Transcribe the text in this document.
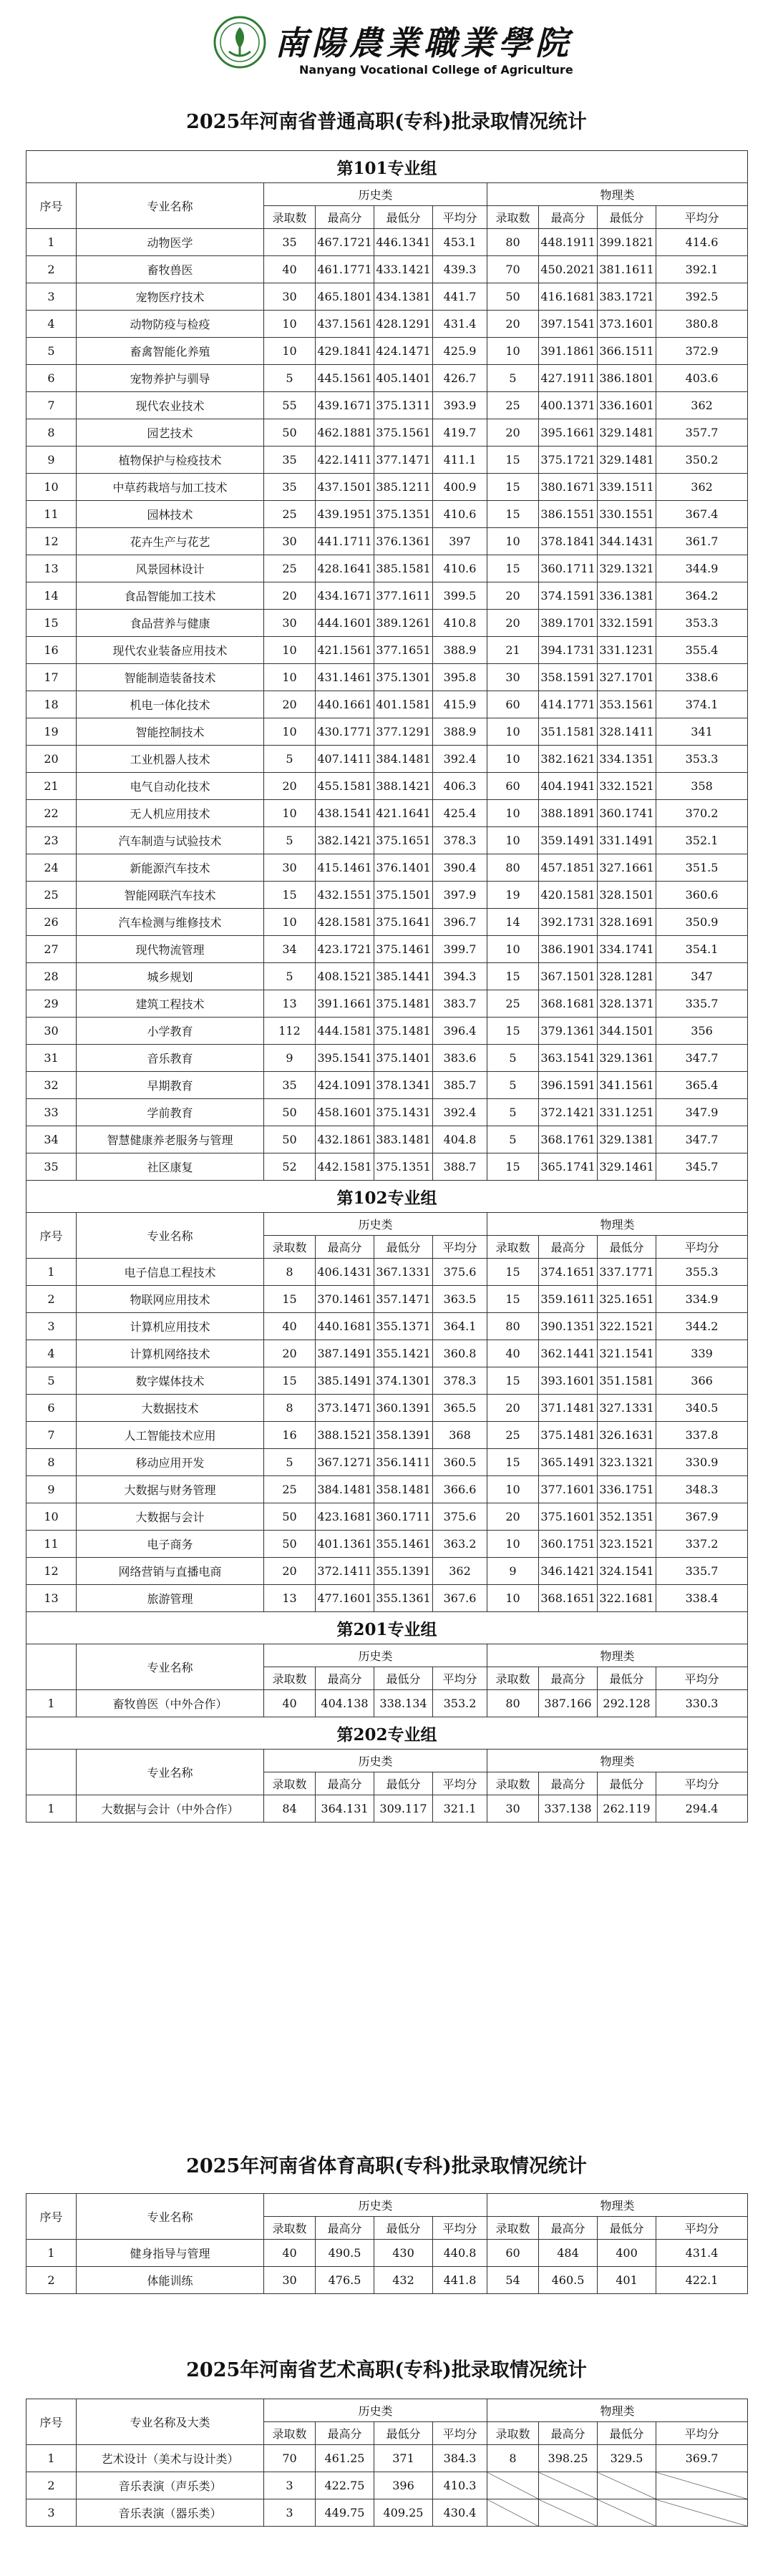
南陽農業職業學院
Nanyang Vocational College of Agriculture
2025年河南省普通高职(专科)批录取情况统计
第101专业组									
序号	专业名称	历史类				物理类			
		录取数	最高分	最低分	平均分	录取数	最高分	最低分	平均分
1	动物医学	35	467.1721	446.1341	453.1	80	448.1911	399.1821	414.6
2	畜牧兽医	40	461.1771	433.1421	439.3	70	450.2021	381.1611	392.1
3	宠物医疗技术	30	465.1801	434.1381	441.7	50	416.1681	383.1721	392.5
4	动物防疫与检疫	10	437.1561	428.1291	431.4	20	397.1541	373.1601	380.8
5	畜禽智能化养殖	10	429.1841	424.1471	425.9	10	391.1861	366.1511	372.9
6	宠物养护与驯导	5	445.1561	405.1401	426.7	5	427.1911	386.1801	403.6
7	现代农业技术	55	439.1671	375.1311	393.9	25	400.1371	336.1601	362
8	园艺技术	50	462.1881	375.1561	419.7	20	395.1661	329.1481	357.7
9	植物保护与检疫技术	35	422.1411	377.1471	411.1	15	375.1721	329.1481	350.2
10	中草药栽培与加工技术	35	437.1501	385.1211	400.9	15	380.1671	339.1511	362
11	园林技术	25	439.1951	375.1351	410.6	15	386.1551	330.1551	367.4
12	花卉生产与花艺	30	441.1711	376.1361	397	10	378.1841	344.1431	361.7
13	风景园林设计	25	428.1641	385.1581	410.6	15	360.1711	329.1321	344.9
14	食品智能加工技术	20	434.1671	377.1611	399.5	20	374.1591	336.1381	364.2
15	食品营养与健康	30	444.1601	389.1261	410.8	20	389.1701	332.1591	353.3
16	现代农业装备应用技术	10	421.1561	377.1651	388.9	21	394.1731	331.1231	355.4
17	智能制造装备技术	10	431.1461	375.1301	395.8	30	358.1591	327.1701	338.6
18	机电一体化技术	20	440.1661	401.1581	415.9	60	414.1771	353.1561	374.1
19	智能控制技术	10	430.1771	377.1291	388.9	10	351.1581	328.1411	341
20	工业机器人技术	5	407.1411	384.1481	392.4	10	382.1621	334.1351	353.3
21	电气自动化技术	20	455.1581	388.1421	406.3	60	404.1941	332.1521	358
22	无人机应用技术	10	438.1541	421.1641	425.4	10	388.1891	360.1741	370.2
23	汽车制造与试验技术	5	382.1421	375.1651	378.3	10	359.1491	331.1491	352.1
24	新能源汽车技术	30	415.1461	376.1401	390.4	80	457.1851	327.1661	351.5
25	智能网联汽车技术	15	432.1551	375.1501	397.9	19	420.1581	328.1501	360.6
26	汽车检测与维修技术	10	428.1581	375.1641	396.7	14	392.1731	328.1691	350.9
27	现代物流管理	34	423.1721	375.1461	399.7	10	386.1901	334.1741	354.1
28	城乡规划	5	408.1521	385.1441	394.3	15	367.1501	328.1281	347
29	建筑工程技术	13	391.1661	375.1481	383.7	25	368.1681	328.1371	335.7
30	小学教育	112	444.1581	375.1481	396.4	15	379.1361	344.1501	356
31	音乐教育	9	395.1541	375.1401	383.6	5	363.1541	329.1361	347.7
32	早期教育	35	424.1091	378.1341	385.7	5	396.1591	341.1561	365.4
33	学前教育	50	458.1601	375.1431	392.4	5	372.1421	331.1251	347.9
34	智慧健康养老服务与管理	50	432.1861	383.1481	404.8	5	368.1761	329.1381	347.7
35	社区康复	52	442.1581	375.1351	388.7	15	365.1741	329.1461	345.7
第102专业组									
序号	专业名称	历史类				物理类			
		录取数	最高分	最低分	平均分	录取数	最高分	最低分	平均分
1	电子信息工程技术	8	406.1431	367.1331	375.6	15	374.1651	337.1771	355.3
2	物联网应用技术	15	370.1461	357.1471	363.5	15	359.1611	325.1651	334.9
3	计算机应用技术	40	440.1681	355.1371	364.1	80	390.1351	322.1521	344.2
4	计算机网络技术	20	387.1491	355.1421	360.8	40	362.1441	321.1541	339
5	数字媒体技术	15	385.1491	374.1301	378.3	15	393.1601	351.1581	366
6	大数据技术	8	373.1471	360.1391	365.5	20	371.1481	327.1331	340.5
7	人工智能技术应用	16	388.1521	358.1391	368	25	375.1481	326.1631	337.8
8	移动应用开发	5	367.1271	356.1411	360.5	15	365.1491	323.1321	330.9
9	大数据与财务管理	25	384.1481	358.1481	366.6	10	377.1601	336.1751	348.3
10	大数据与会计	50	423.1681	360.1711	375.6	20	375.1601	352.1351	367.9
11	电子商务	50	401.1361	355.1461	363.2	10	360.1751	323.1521	337.2
12	网络营销与直播电商	20	372.1411	355.1391	362	9	346.1421	324.1541	335.7
13	旅游管理	13	477.1601	355.1361	367.6	10	368.1651	322.1681	338.4
第201专业组									
	专业名称	历史类				物理类			
		录取数	最高分	最低分	平均分	录取数	最高分	最低分	平均分
1	畜牧兽医（中外合作）	40	404.138	338.134	353.2	80	387.166	292.128	330.3
第202专业组									
	专业名称	历史类				物理类			
		录取数	最高分	最低分	平均分	录取数	最高分	最低分	平均分
1	大数据与会计（中外合作）	84	364.131	309.117	321.1	30	337.138	262.119	294.4
2025年河南省体育高职(专科)批录取情况统计
序号	专业名称	历史类				物理类			
		录取数	最高分	最低分	平均分	录取数	最高分	最低分	平均分
1	健身指导与管理	40	490.5	430	440.8	60	484	400	431.4
2	体能训练	30	476.5	432	441.8	54	460.5	401	422.1
2025年河南省艺术高职(专科)批录取情况统计
序号	专业名称及大类	历史类				物理类			
		录取数	最高分	最低分	平均分	录取数	最高分	最低分	平均分
1	艺术设计（美术与设计类）	70	461.25	371	384.3	8	398.25	329.5	369.7
2	音乐表演（声乐类）	3	422.75	396	410.3				
3	音乐表演（器乐类）	3	449.75	409.25	430.4				
